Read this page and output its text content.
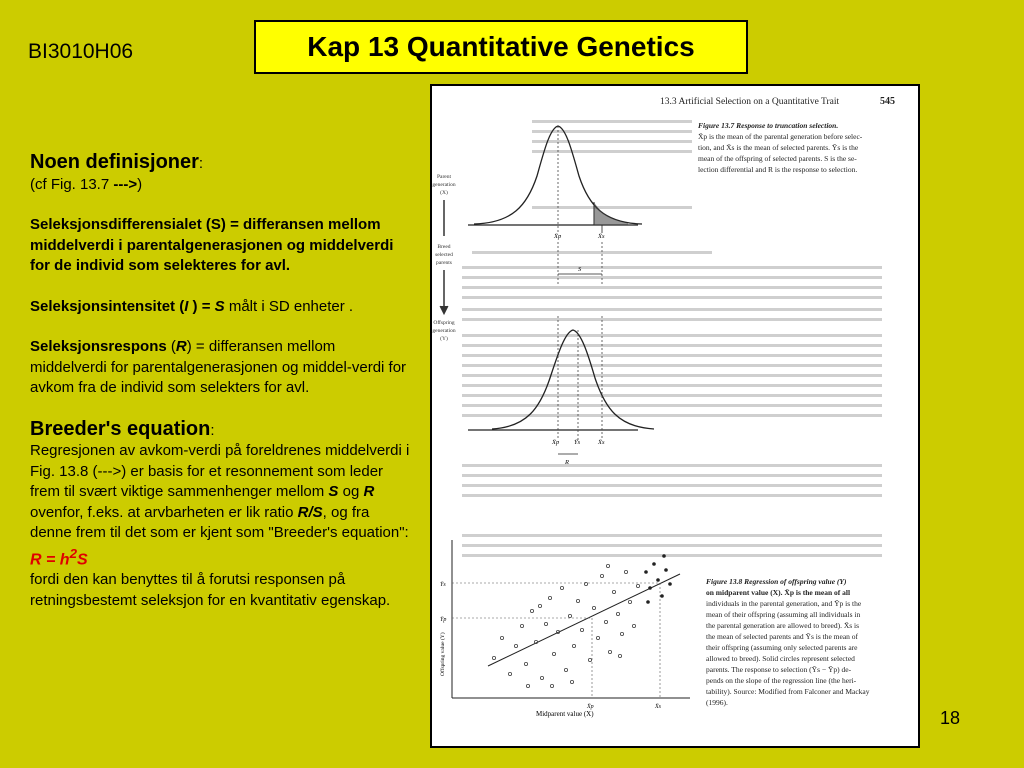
BI3010H06	Kap 13 Quantitative Genetics

Noen definisjoner:

(cf Fig. 13.7 --->)

Seleksjonsdifferensialet (S) = differansen mellom middelverdi i parentalgenerasjonen og middelverdi for de individ som selekteres for avl.

Seleksjonsintensitet (I ) = S målt i SD enheter .

Seleksjonsrespons (R) = differansen mellom middelverdi for parentalgenerasjonen og middel-verdi for avkom fra de individ som selekters for avl.

Breeder's equation:

Regresjonen av avkom-verdi på foreldrenes middelverdi i Fig. 13.8 (--->) er basis for et resonnement som leder frem til svært viktige sammenhenger mellom S og R ovenfor, f.eks. at arvbarheten er lik ratio R/S, og fra denne frem til det som er kjent som "Breeder's equation":

$R = h^2S$

fordi den kan benyttes til å forutsi responsen på retningsbestemt seleksjon for en kvantitativ egenskap.

13.3 Artificial Selection on a Quantitative Trait	545
Figure 13.7 Response to truncation selection.
X̄p is the mean of the parental generation before selec-
tion, and X̄s is the mean of selected parents. Ȳs is the
mean of the offspring of selected parents. S is the se-
lection differential and R is the response to selection.
Parent
generation
(X)
Breed
selected
parents
Offspring
generation
(Y)
X̄p	X̄s
S
X̄p Ȳs	X̄s
R
Ȳs
Ȳp
X̄p	X̄s
Midparent value (X)
Offspring value (Y)
Figure 13.8 Regression of offspring value (Y)
on midparent value (X). X̄p is the mean of all
individuals in the parental generation, and Ȳp is the
mean of their offspring (assuming all individuals in
the parental generation are allowed to breed). X̄s is
the mean of selected parents and Ȳs is the mean of
their offspring (assuming only selected parents are
allowed to breed). Solid circles represent selected
parents. The response to selection (Ȳs − Ȳp) de-
pends on the slope of the regression line (the heri-
tability). Source: Modified from Falconer and Mackay
(1996).
18
